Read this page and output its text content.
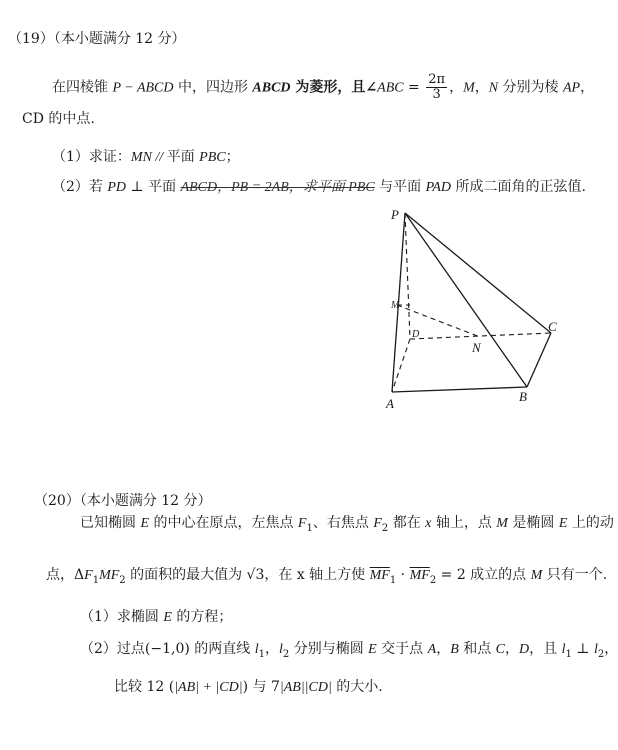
（19）（本小题满分 12 分）
在四棱锥 P − ABCD 中，四边形 ABCD 为菱形，且∠ABC = $\frac{2\pi}{3}$ ，M，N 分别为棱 AP，
CD 的中点.
（1）求证：MN // 平面 PBC；
（2）若 PD ⊥ 平面 ABCD，PB = 2AB，求平面 PBC 与平面 PAD 所成二面角的正弦值.
P
M
D
N
C
A	B
（20）（本小题满分 12 分）
已知椭圆 E 的中心在原点，左焦点 $F_1$、右焦点 $F_2$ 都在 x 轴上，点 M 是椭圆 E 上的动
点，$\Delta F_1MF_2$ 的面积的最大值为 √3，在 x 轴上方使 $\overline{MF}_1 \cdot \overline{MF}_2 = 2$ 成立的点 M 只有一个.
（1）求椭圆 E 的方程；
（2）过点(−1,0) 的两直线 $l_1$，$l_2$ 分别与椭圆 E 交于点 A，B 和点 C，D，且 $l_1$ ⊥ $l_2$，
比较 12 (|AB| + |CD|) 与 7|AB||CD| 的大小.
